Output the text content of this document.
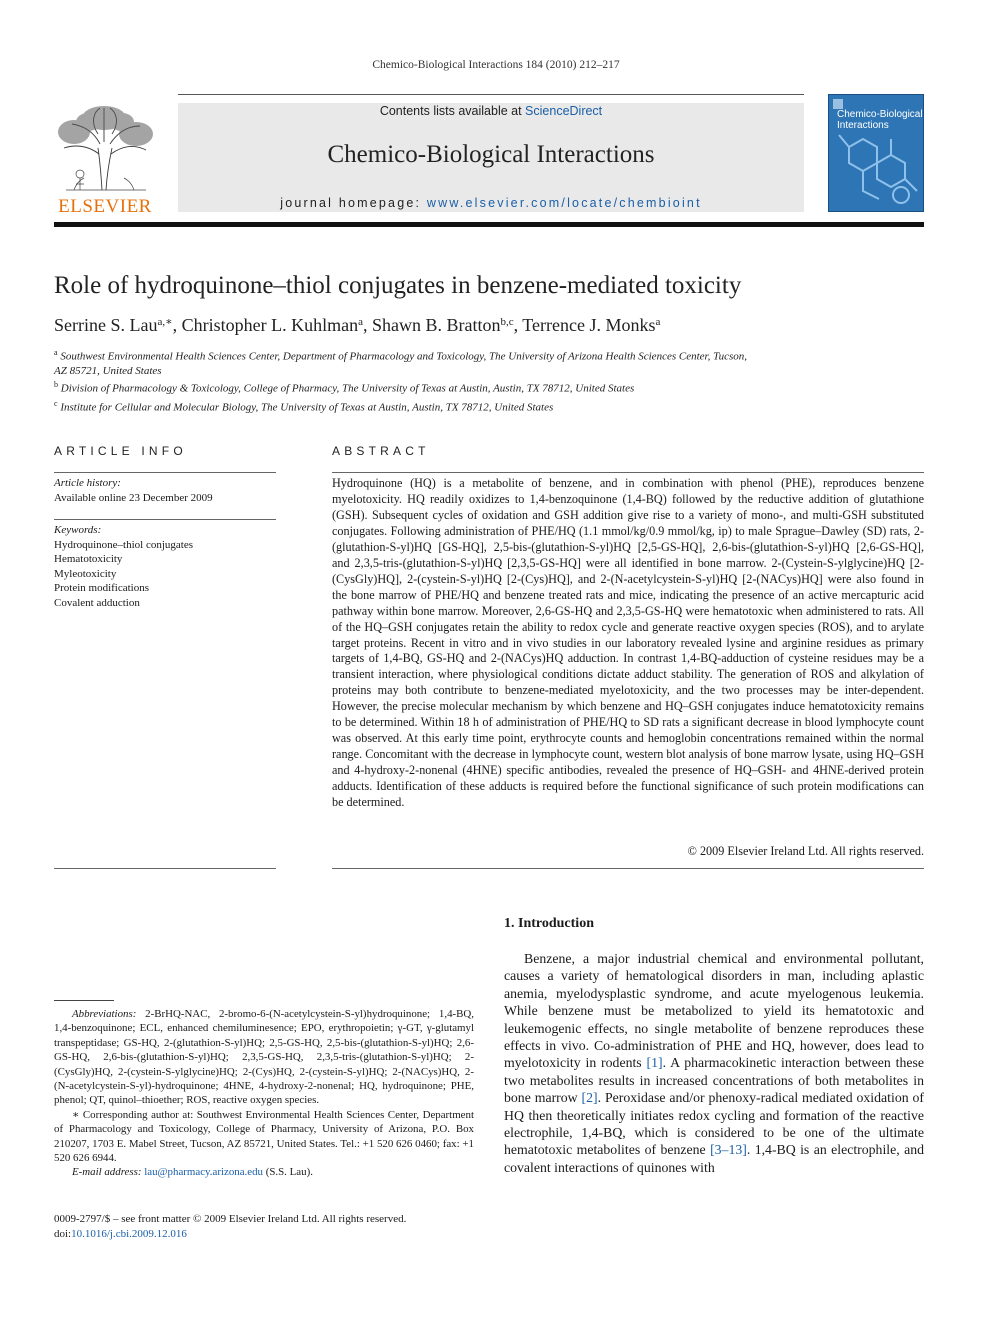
Chemico-Biological Interactions 184 (2010) 212–217
ELSEVIER
Contents lists available at ScienceDirect
Chemico-Biological Interactions
journal homepage: www.elsevier.com/locate/chembioint
Chemico-Biological
Interactions
Role of hydroquinone–thiol conjugates in benzene-mediated toxicity
Serrine S. Lau$^{a,∗}$, Christopher L. Kuhlman$^a$, Shawn B. Bratton$^{b,c}$, Terrence J. Monks$^a$
$^a$ Southwest Environmental Health Sciences Center, Department of Pharmacology and Toxicology, The University of Arizona Health Sciences Center, Tucson,
AZ 85721, United States
$^b$ Division of Pharmacology & Toxicology, College of Pharmacy, The University of Texas at Austin, Austin, TX 78712, United States
$^c$ Institute for Cellular and Molecular Biology, The University of Texas at Austin, Austin, TX 78712, United States
ARTICLE INFO
Article history:
Available online 23 December 2009
Keywords:
Hydroquinone–thiol conjugates
Hematotoxicity
Myleotoxicity
Protein modifications
Covalent adduction
ABSTRACT
Hydroquinone (HQ) is a metabolite of benzene, and in combination with phenol (PHE), reproduces benzene myelotoxicity. HQ readily oxidizes to 1,4-benzoquinone (1,4-BQ) followed by the reductive addition of glutathione (GSH). Subsequent cycles of oxidation and GSH addition give rise to a variety of mono-, and multi-GSH substituted conjugates. Following administration of PHE/HQ (1.1 mmol/kg/0.9 mmol/kg, ip) to male Sprague–Dawley (SD) rats, 2-(glutathion-S-yl)HQ [GS-HQ], 2,5-bis-(glutathion-S-yl)HQ [2,5-GS-HQ], 2,6-bis-(glutathion-S-yl)HQ [2,6-GS-HQ], and 2,3,5-tris-(glutathion-S-yl)HQ [2,3,5-GS-HQ] were all identified in bone marrow. 2-(Cystein-S-ylglycine)HQ [2-(CysGly)HQ], 2-(cystein-S-yl)HQ [2-(Cys)HQ], and 2-(N-acetylcystein-S-yl)HQ [2-(NACys)HQ] were also found in the bone marrow of PHE/HQ and benzene treated rats and mice, indicating the presence of an active mercapturic acid pathway within bone marrow. Moreover, 2,6-GS-HQ and 2,3,5-GS-HQ were hematotoxic when administered to rats. All of the HQ–GSH conjugates retain the ability to redox cycle and generate reactive oxygen species (ROS), and to arylate target proteins. Recent in vitro and in vivo studies in our laboratory revealed lysine and arginine residues as primary targets of 1,4-BQ, GS-HQ and 2-(NACys)HQ adduction. In contrast 1,4-BQ-adduction of cysteine residues may be a transient interaction, where physiological conditions dictate adduct stability. The generation of ROS and alkylation of proteins may both contribute to benzene-mediated myelotoxicity, and the two processes may be inter-dependent. However, the precise molecular mechanism by which benzene and HQ–GSH conjugates induce hematotoxicity remains to be determined. Within 18 h of administration of PHE/HQ to SD rats a significant decrease in blood lymphocyte count was observed. At this early time point, erythrocyte counts and hemoglobin concentrations remained within the normal range. Concomitant with the decrease in lymphocyte count, western blot analysis of bone marrow lysate, using HQ–GSH and 4-hydroxy-2-nonenal (4HNE) specific antibodies, revealed the presence of HQ–GSH- and 4HNE-derived protein adducts. Identification of these adducts is required before the functional significance of such protein modifications can be determined.
© 2009 Elsevier Ireland Ltd. All rights reserved.
1. Introduction
Benzene, a major industrial chemical and environmental pollutant, causes a variety of hematological disorders in man, including aplastic anemia, myelodysplastic syndrome, and acute myelogenous leukemia. While benzene must be metabolized to yield its hematotoxic and leukemogenic effects, no single metabolite of benzene reproduces these effects in vivo. Co-administration of PHE and HQ, however, does lead to myelotoxicity in rodents [1]. A pharmacokinetic interaction between these two metabolites results in increased concentrations of both metabolites in bone marrow [2]. Peroxidase and/or phenoxy-radical mediated oxidation of HQ then theoretically initiates redox cycling and formation of the reactive electrophile, 1,4-BQ, which is considered to be one of the ultimate hematotoxic metabolites of benzene [3–13]. 1,4-BQ is an electrophile, and covalent interactions of quinones with

Abbreviations: 2-BrHQ-NAC, 2-bromo-6-(N-acetylcystein-S-yl)hydroquinone; 1,4-BQ, 1,4-benzoquinone; ECL, enhanced chemiluminesence; EPO, erythropoietin; γ-GT, γ-glutamyl transpeptidase; GS-HQ, 2-(glutathion-S-yl)HQ; 2,5-GS-HQ, 2,5-bis-(glutathion-S-yl)HQ; 2,6-GS-HQ, 2,6-bis-(glutathion-S-yl)HQ; 2,3,5-GS-HQ, 2,3,5-tris-(glutathion-S-yl)HQ; 2-(CysGly)HQ, 2-(cystein-S-ylglycine)HQ; 2-(Cys)HQ, 2-(cystein-S-yl)HQ; 2-(NACys)HQ, 2-(N-acetylcystein-S-yl)-hydroquinone; 4HNE, 4-hydroxy-2-nonenal; HQ, hydroquinone; PHE, phenol; QT, quinol–thioether; ROS, reactive oxygen species.

∗ Corresponding author at: Southwest Environmental Health Sciences Center, Department of Pharmacology and Toxicology, College of Pharmacy, University of Arizona, P.O. Box 210207, 1703 E. Mabel Street, Tucson, AZ 85721, United States. Tel.: +1 520 626 0460; fax: +1 520 626 6944.

E-mail address: lau@pharmacy.arizona.edu (S.S. Lau).

0009-2797/$ – see front matter © 2009 Elsevier Ireland Ltd. All rights reserved.
doi:10.1016/j.cbi.2009.12.016
